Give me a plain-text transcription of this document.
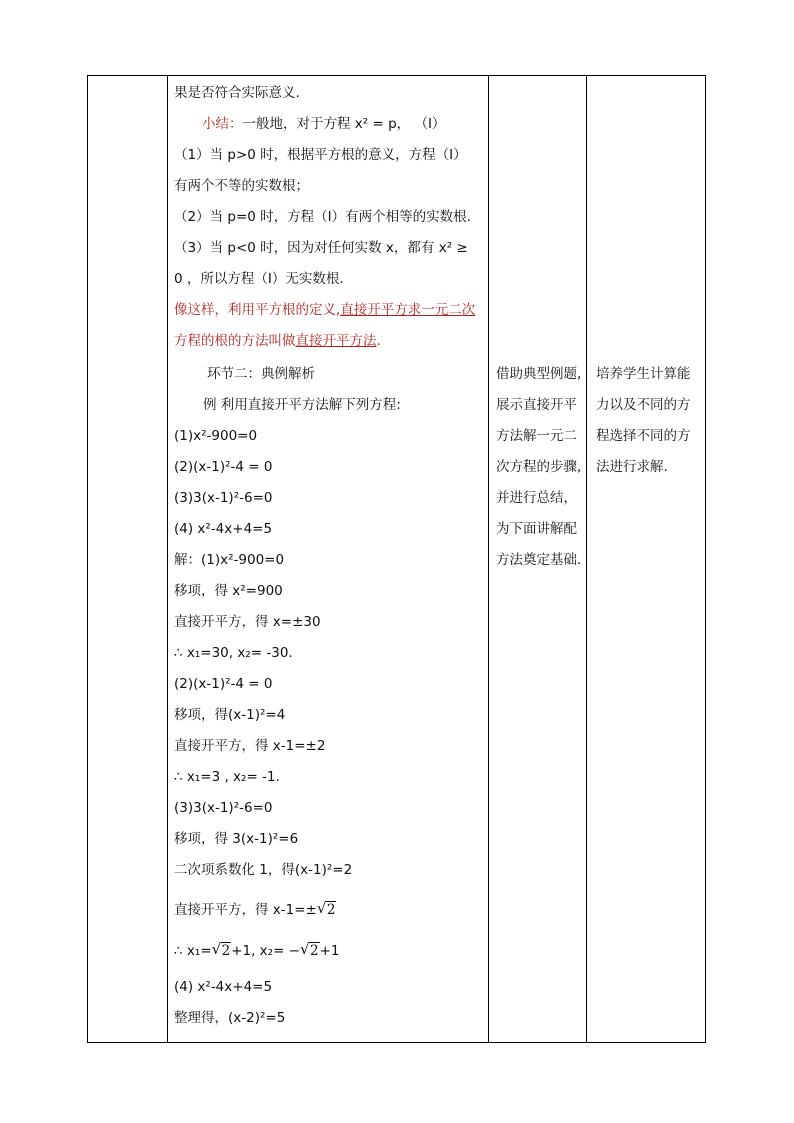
果是否符合实际意义.
小结：一般地，对于方程 x² = p， （Ⅰ）
（1）当 p>0 时，根据平方根的意义，方程（Ⅰ）
有两个不等的实数根；
（2）当 p=0 时，方程（Ⅰ）有两个相等的实数根.
（3）当 p<0 时，因为对任何实数 x，都有 x² ≥
0 ，所以方程（Ⅰ）无实数根.
像这样，利用平方根的定义,直接开平方求一元二次
方程的根的方法叫做直接开平方法.
环节二：典例解析
例 利用直接开平方法解下列方程:
(1)x²-900=0
(2)(x-1)²-4 = 0
(3)3(x-1)²-6=0
(4) x²-4x+4=5
解：(1)x²-900=0
移项，得 x²=900
直接开平方，得 x=±30
∴ x₁=30, x₂= -30.
(2)(x-1)²-4 = 0
移项，得(x-1)²=4
直接开平方，得 x-1=±2
∴ x₁=3 , x₂= -1.
(3)3(x-1)²-6=0
移项，得 3(x-1)²=6
二次项系数化 1，得(x-1)²=2
直接开平方，得 x-1=± √ 2
∴ x₁= √ 2+1, x₂= − √ 2+1
(4) x²-4x+4=5
整理得，(x-2)²=5
借助典型例题,
展示直接开平
方法解一元二
次方程的步骤,
并进行总结，
为下面讲解配
方法奠定基础.
培养学生计算能
力以及不同的方
程选择不同的方
法进行求解.
